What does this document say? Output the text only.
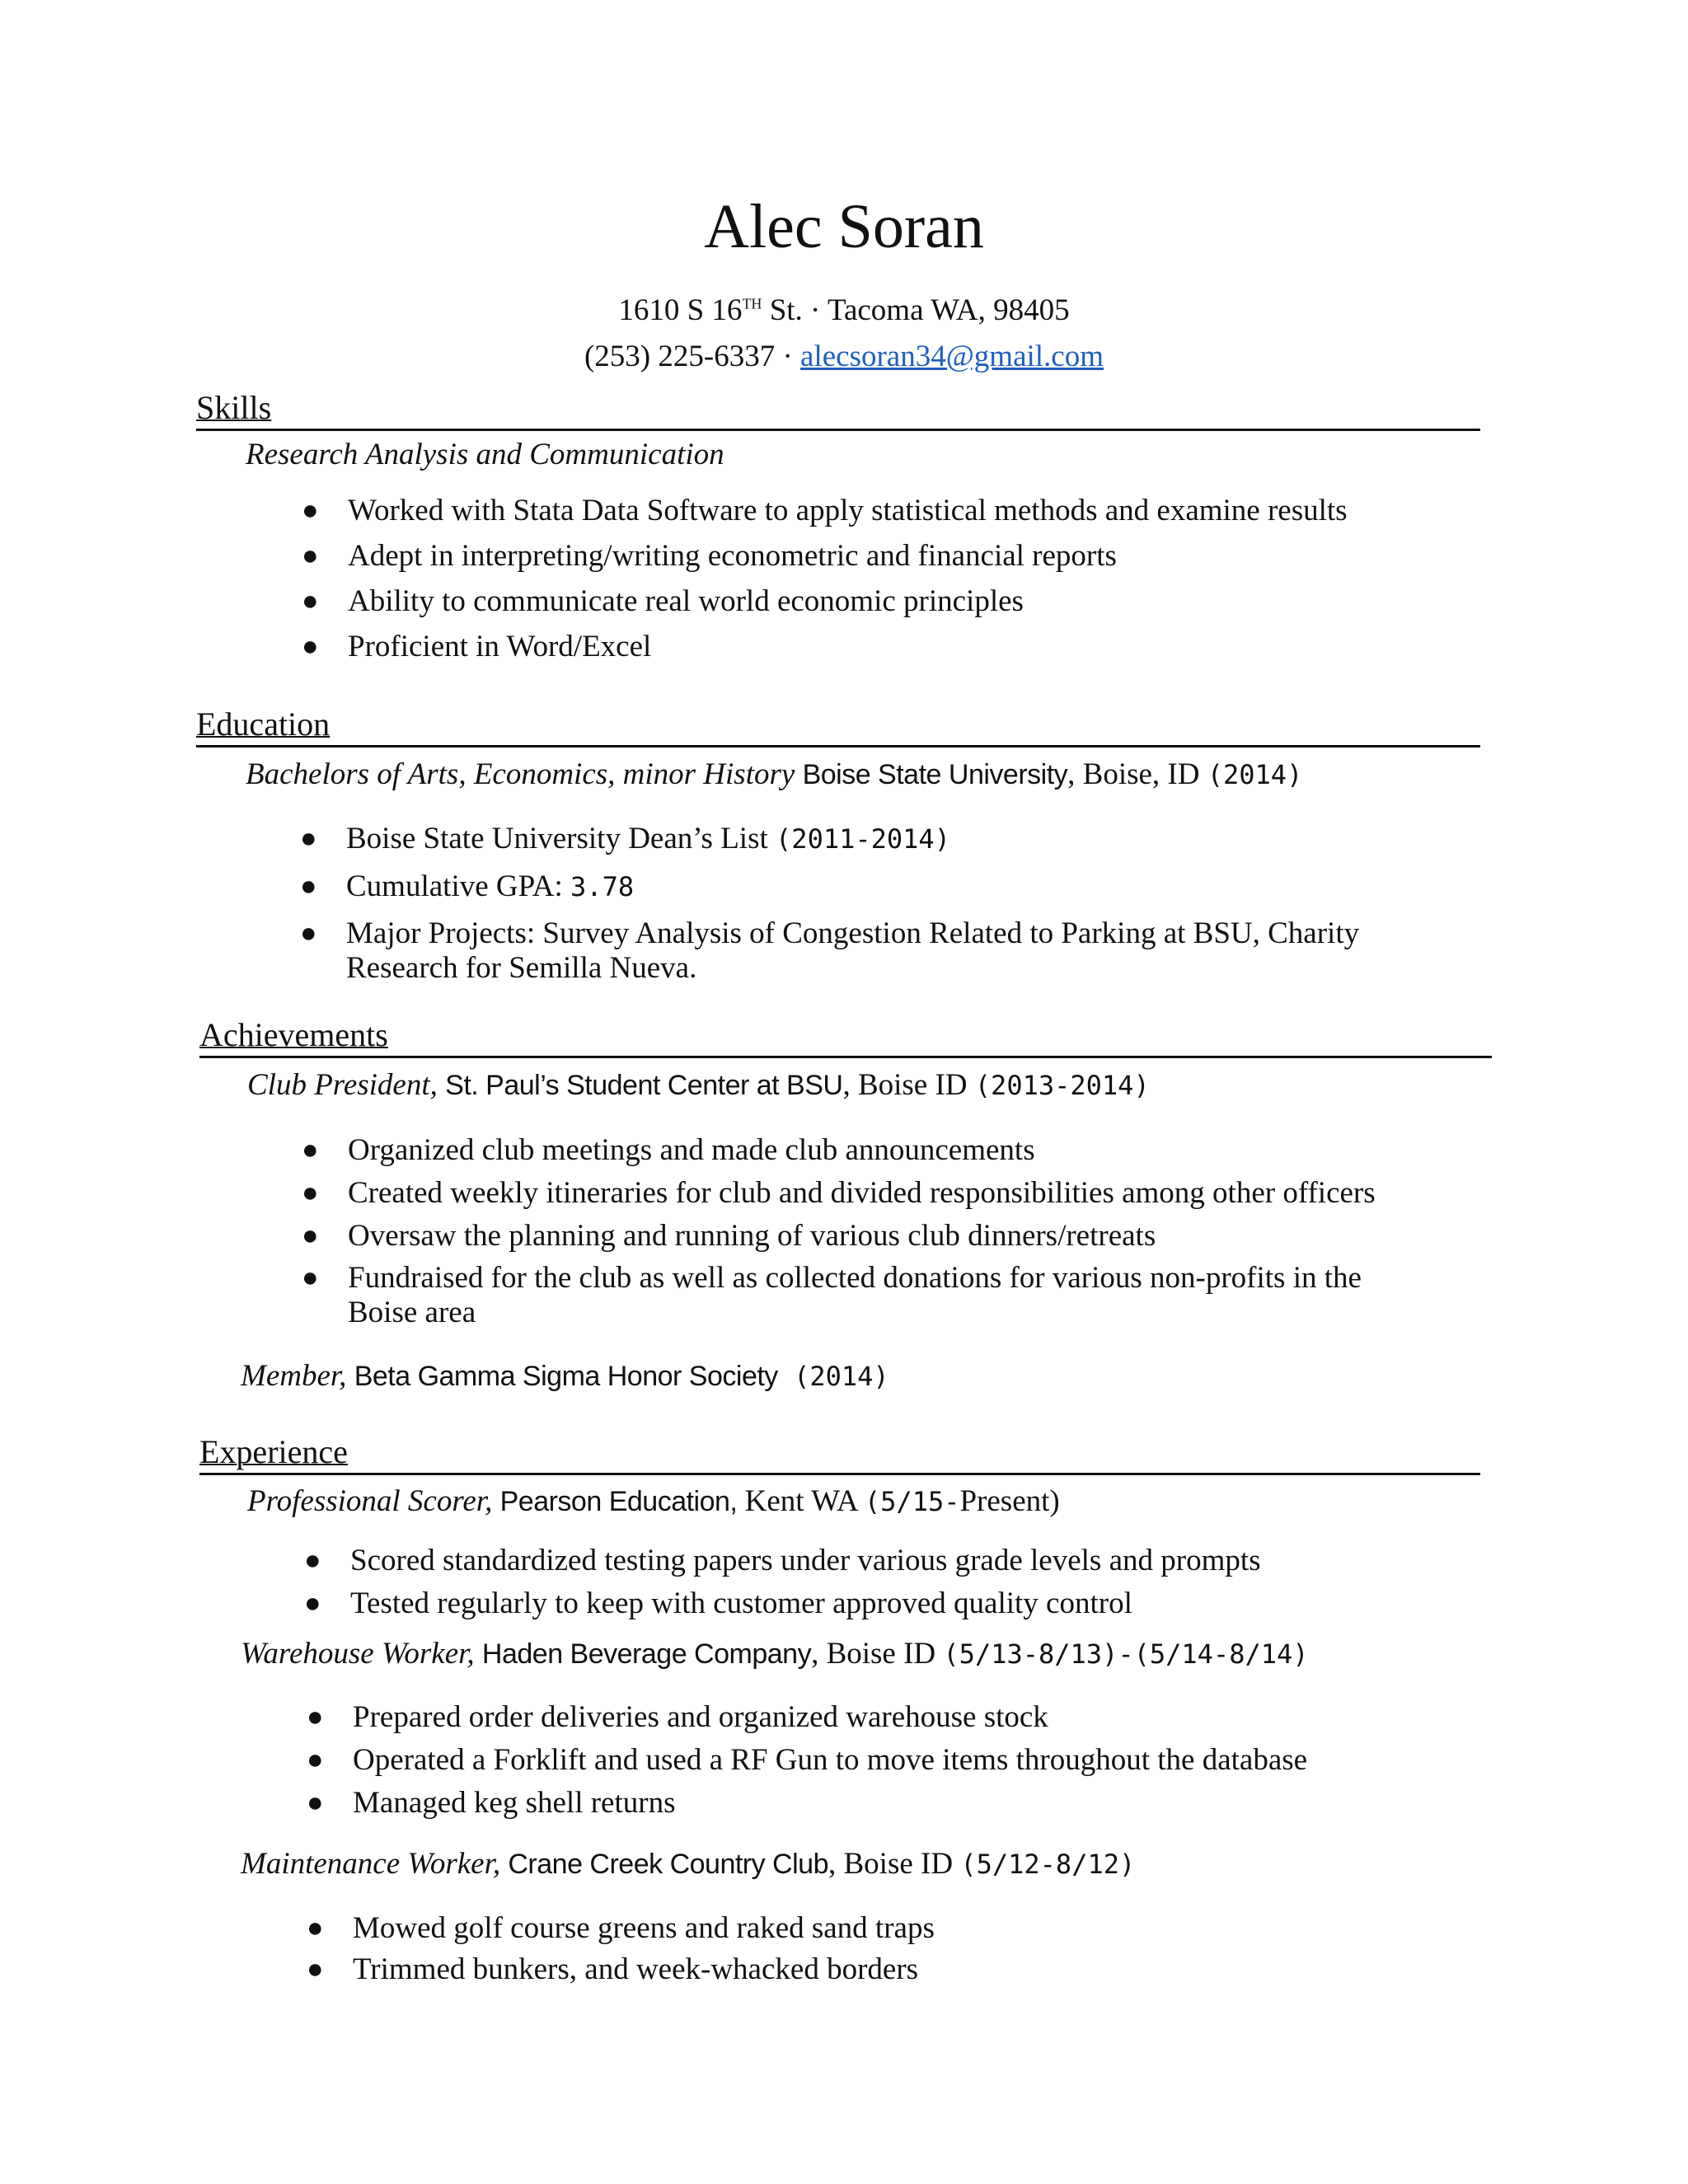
Alec Soran
1610 S 16TH St. · Tacoma WA, 98405
(253) 225-6337 · alecsoran34@gmail.com
Skills
Research Analysis and Communication
● Worked with Stata Data Software to apply statistical methods and examine results
● Adept in interpreting/writing econometric and financial reports
● Ability to communicate real world economic principles
● Proficient in Word/Excel
Education
Bachelors of Arts, Economics, minor History Boise State University, Boise, ID (2014)
● Boise State University Dean’s List (2011-2014)
● Cumulative GPA: 3.78
● Major Projects: Survey Analysis of Congestion Related to Parking at BSU, Charity
Research for Semilla Nueva.
Achievements
Club President, St. Paul’s Student Center at BSU, Boise ID (2013-2014)
● Organized club meetings and made club announcements
● Created weekly itineraries for club and divided responsibilities among other officers
● Oversaw the planning and running of various club dinners/retreats
● Fundraised for the club as well as collected donations for various non-profits in the
Boise area
Member, Beta Gamma Sigma Honor Society (2014)
Experience
Professional Scorer, Pearson Education, Kent WA (5/15-Present)
● Scored standardized testing papers under various grade levels and prompts
● Tested regularly to keep with customer approved quality control
Warehouse Worker, Haden Beverage Company, Boise ID (5/13-8/13)-(5/14-8/14)
● Prepared order deliveries and organized warehouse stock
● Operated a Forklift and used a RF Gun to move items throughout the database
● Managed keg shell returns
Maintenance Worker, Crane Creek Country Club, Boise ID (5/12-8/12)
● Mowed golf course greens and raked sand traps
● Trimmed bunkers, and week-whacked borders
